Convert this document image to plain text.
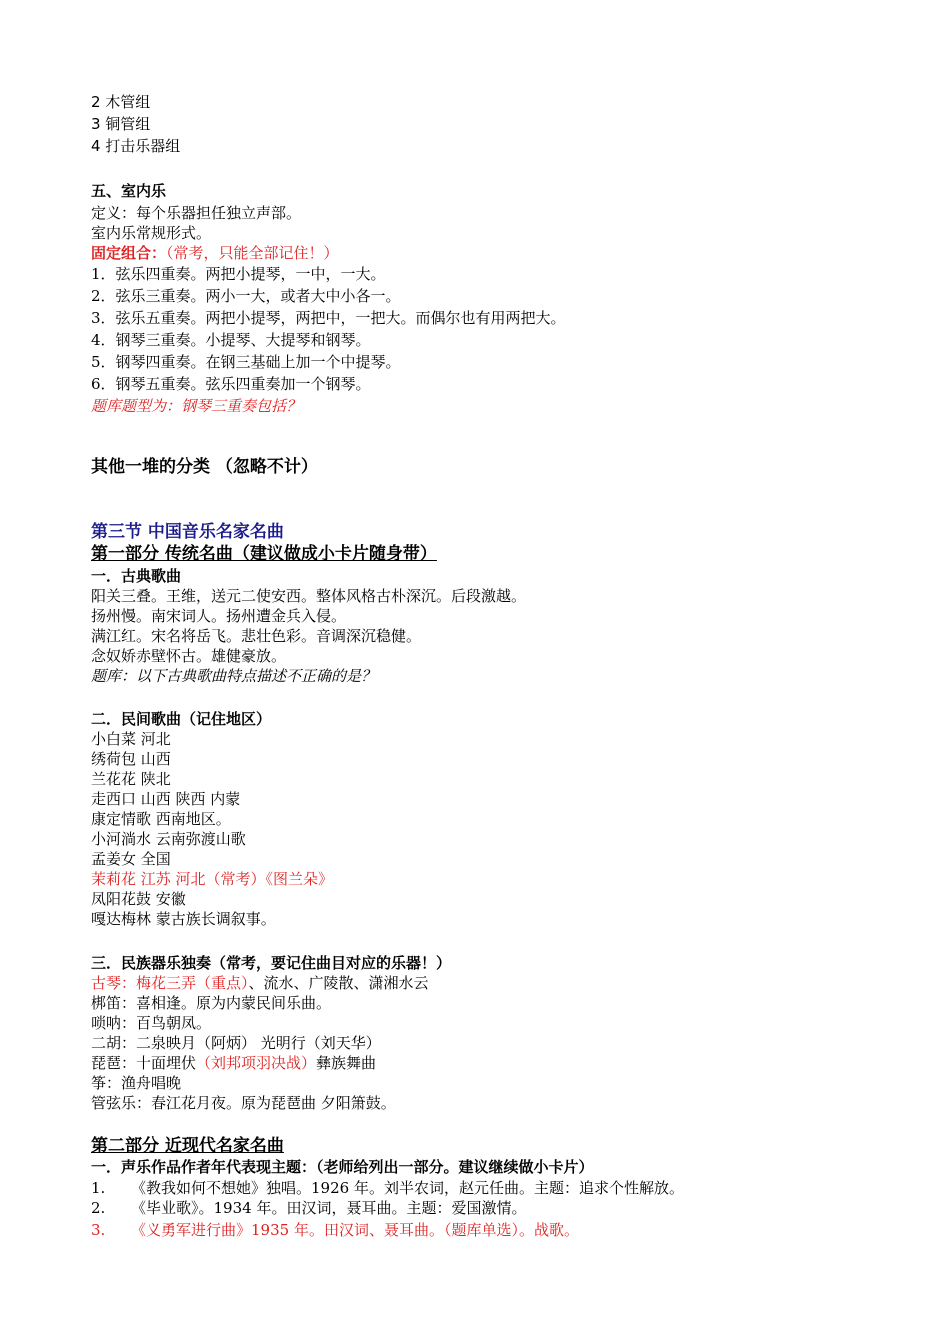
2 木管组
3 铜管组
4 打击乐器组
五、室内乐
定义：每个乐器担任独立声部。
室内乐常规形式。
固定组合：（常考，只能全部记住！）
1．弦乐四重奏。两把小提琴，一中，一大。
2．弦乐三重奏。两小一大，或者大中小各一。
3．弦乐五重奏。两把小提琴，两把中，一把大。而偶尔也有用两把大。
4．钢琴三重奏。小提琴、大提琴和钢琴。
5．钢琴四重奏。在钢三基础上加一个中提琴。
6．钢琴五重奏。弦乐四重奏加一个钢琴。
题库题型为：钢琴三重奏包括？
其他一堆的分类 （忽略不计）
第三节 中国音乐名家名曲
第一部分 传统名曲（建议做成小卡片随身带）
一．古典歌曲
阳关三叠。王维，送元二使安西。整体风格古朴深沉。后段激越。
扬州慢。南宋词人。扬州遭金兵入侵。
满江红。宋名将岳飞。悲壮色彩。音调深沉稳健。
念奴娇赤壁怀古。雄健豪放。
题库：以下古典歌曲特点描述不正确的是？
二．民间歌曲（记住地区）
小白菜 河北
绣荷包 山西
兰花花 陕北
走西口 山西 陕西 内蒙
康定情歌 西南地区。
小河淌水 云南弥渡山歌
孟姜女 全国
茉莉花 江苏 河北（常考）《图兰朵》
凤阳花鼓 安徽
嘎达梅林 蒙古族长调叙事。
三．民族器乐独奏（常考，要记住曲目对应的乐器！）
古琴：梅花三弄（重点）、流水、广陵散、潇湘水云
梆笛：喜相逢。原为内蒙民间乐曲。
唢呐：百鸟朝凤。
二胡：二泉映月（阿炳） 光明行（刘天华）
琵琶：十面埋伏（刘邦项羽决战）彝族舞曲
筝：渔舟唱晚
管弦乐：春江花月夜。原为琵琶曲 夕阳箫鼓。
第二部分 近现代名家名曲
一．声乐作品作者年代表现主题：（老师给列出一部分。建议继续做小卡片）
1. 《教我如何不想她》独唱。1926 年。刘半农词，赵元任曲。主题：追求个性解放。
2. 《毕业歌》。1934 年。田汉词，聂耳曲。主题：爱国激情。
3. 《义勇军进行曲》1935 年。田汉词、聂耳曲。（题库单选）。战歌。
